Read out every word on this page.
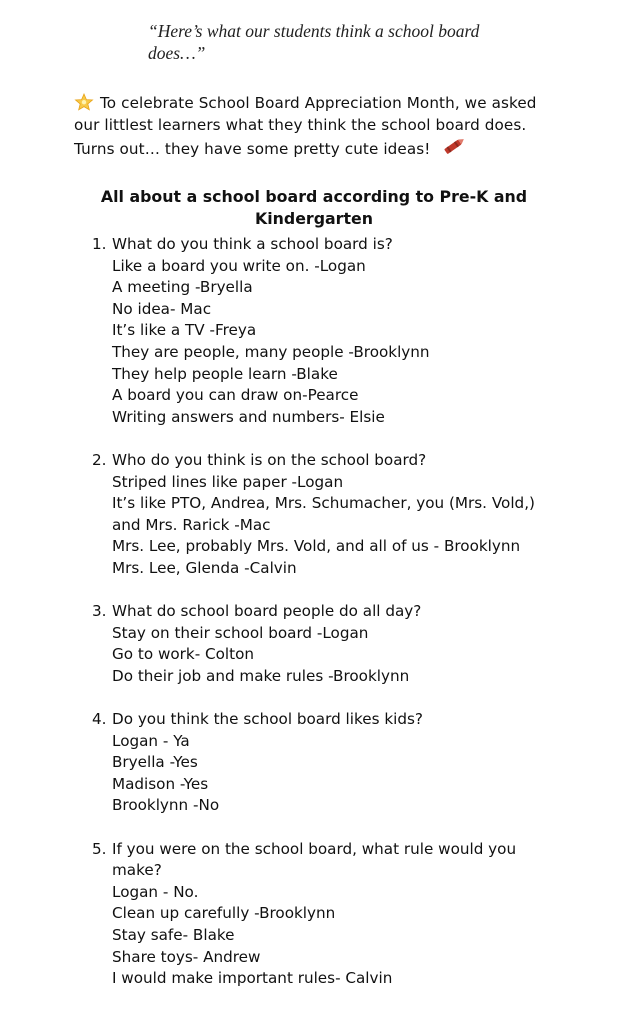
“Here’s what our students think a school board does…”
To celebrate School Board Appreciation Month, we asked our littlest learners what they think the school board does. Turns out… they have some pretty cute ideas!
All about a school board according to Pre-K and Kindergarten
1. What do you think a school board is?
Like a board you write on. -Logan
A meeting -Bryella
No idea- Mac
It’s like a TV -Freya
They are people, many people -Brooklynn
They help people learn -Blake
A board you can draw on-Pearce
Writing answers and numbers- Elsie
2. Who do you think is on the school board?
Striped lines like paper -Logan
It’s like PTO, Andrea, Mrs. Schumacher, you (Mrs. Vold,) and Mrs. Rarick -Mac
Mrs. Lee, probably Mrs. Vold, and all of us - Brooklynn
Mrs. Lee, Glenda -Calvin
3. What do school board people do all day?
Stay on their school board -Logan
Go to work- Colton
Do their job and make rules -Brooklynn
4. Do you think the school board likes kids?
Logan - Ya
Bryella -Yes
Madison -Yes
Brooklynn -No
5. If you were on the school board, what rule would you make?
Logan - No.
Clean up carefully -Brooklynn
Stay safe- Blake
Share toys- Andrew
I would make important rules- Calvin
